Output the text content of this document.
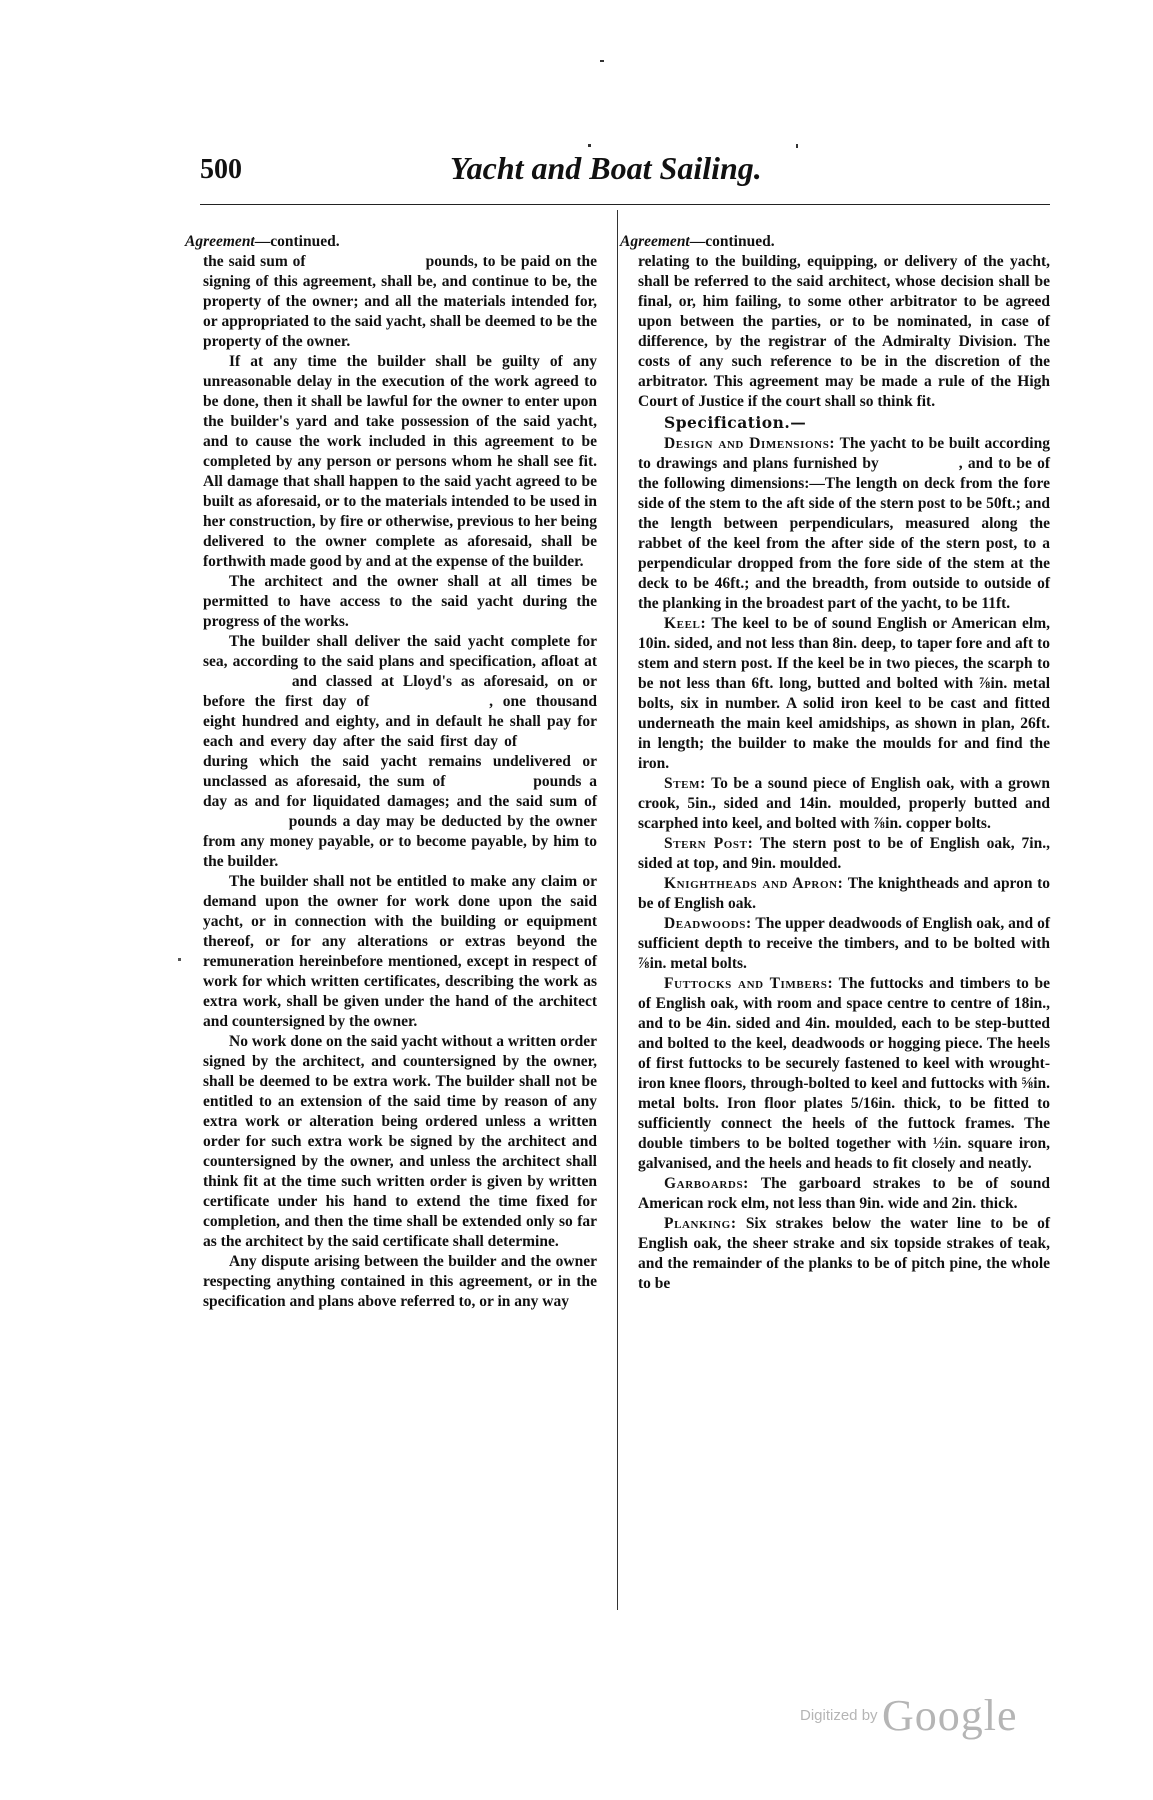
500	Yacht and Boat Sailing.
Agreement—continued.

the said sum of	pounds, to be paid on the signing of this agreement, shall be, and continue to be, the property of the owner; and all the materials intended for, or appropriated to the said yacht, shall be deemed to be the property of the owner.

If at any time the builder shall be guilty of any unreasonable delay in the execution of the work agreed to be done, then it shall be lawful for the owner to enter upon the builder's yard and take possession of the said yacht, and to cause the work included in this agreement to be completed by any person or persons whom he shall see fit. All damage that shall happen to the said yacht agreed to be built as aforesaid, or to the materials intended to be used in her construction, by fire or otherwise, previous to her being delivered to the owner complete as aforesaid, shall be forthwith made good by and at the expense of the builder.

The architect and the owner shall at all times be permitted to have access to the said yacht during the progress of the works.

The builder shall deliver the said yacht complete for sea, according to the said plans and specification, afloat at and classed at Lloyd's as aforesaid, on or before the first day of	, one thousand eight hundred and eighty, and in default he shall pay for each and every day after the said first day of during which the said yacht remains undelivered or unclassed as aforesaid, the sum of	pounds a day as and for liquidated damages; and the said sum of pounds a day may be deducted by the owner from any money payable, or to become payable, by him to the builder.

The builder shall not be entitled to make any claim or demand upon the owner for work done upon the said yacht, or in connection with the building or equipment thereof, or for any alterations or extras beyond the remuneration hereinbefore mentioned, except in respect of work for which written certificates, describing the work as extra work, shall be given under the hand of the architect and countersigned by the owner.

No work done on the said yacht without a written order signed by the architect, and countersigned by the owner, shall be deemed to be extra work. The builder shall not be entitled to an extension of the said time by reason of any extra work or alteration being ordered unless a written order for such extra work be signed by the architect and countersigned by the owner, and unless the architect shall think fit at the time such written order is given by written certificate under his hand to extend the time fixed for completion, and then the time shall be extended only so far as the architect by the said certificate shall determine.

Any dispute arising between the builder and the owner respecting anything contained in this agreement, or in the specification and plans above referred to, or in any way

Agreement—continued.

relating to the building, equipping, or delivery of the yacht, shall be referred to the said architect, whose decision shall be final, or, him failing, to some other arbitrator to be agreed upon between the parties, or to be nominated, in case of difference, by the registrar of the Admiralty Division. The costs of any such reference to be in the discretion of the arbitrator. This agreement may be made a rule of the High Court of Justice if the court shall so think fit.

Specification.—

Design and Dimensions: The yacht to be built according to drawings and plans furnished by	, and to be of the following dimensions:—The length on deck from the fore side of the stem to the aft side of the stern post to be 50ft.; and the length between perpendiculars, measured along the rabbet of the keel from the after side of the stern post, to a perpendicular dropped from the fore side of the stem at the deck to be 46ft.; and the breadth, from outside to outside of the planking in the broadest part of the yacht, to be 11ft.

Keel: The keel to be of sound English or American elm, 10in. sided, and not less than 8in. deep, to taper fore and aft to stem and stern post. If the keel be in two pieces, the scarph to be not less than 6ft. long, butted and bolted with ⅞in. metal bolts, six in number. A solid iron keel to be cast and fitted underneath the main keel amidships, as shown in plan, 26ft. in length; the builder to make the moulds for and find the iron.

Stem: To be a sound piece of English oak, with a grown crook, 5in., sided and 14in. moulded, properly butted and scarphed into keel, and bolted with ⅞in. copper bolts.

Stern Post: The stern post to be of English oak, 7in., sided at top, and 9in. moulded.

Knightheads and Apron: The knightheads and apron to be of English oak.

Deadwoods: The upper deadwoods of English oak, and of sufficient depth to receive the timbers, and to be bolted with ⅞in. metal bolts.

Futtocks and Timbers: The futtocks and timbers to be of English oak, with room and space centre to centre of 18in., and to be 4in. sided and 4in. moulded, each to be step-butted and bolted to the keel, deadwoods or hogging piece. The heels of first futtocks to be securely fastened to keel with wrought-iron knee floors, through-bolted to keel and futtocks with ⅝in. metal bolts. Iron floor plates 5/16in. thick, to be fitted to sufficiently connect the heels of the futtock frames. The double timbers to be bolted together with ½in. square iron, galvanised, and the heels and heads to fit closely and neatly.

Garboards: The garboard strakes to be of sound American rock elm, not less than 9in. wide and 2in. thick.

Planking: Six strakes below the water line to be of English oak, the sheer strake and six topside strakes of teak, and the remainder of the planks to be of pitch pine, the whole to be

Digitized by Google
